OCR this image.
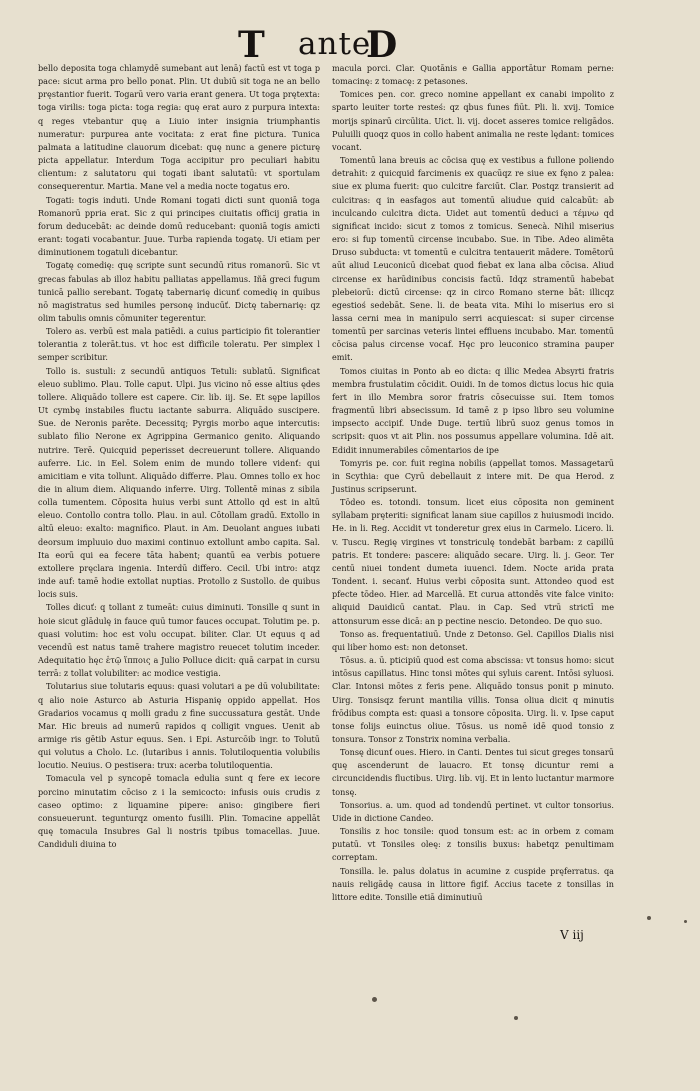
T ante
D

bello deposita toga chlamydē sumebant aut lenā) factū est vt toga p pace: sicut arma pro bello ponat. Plin. Ut dubiū sit toga ne an bello pręstantior fuerit. Togarū vero varia erant genera. Ut toga prętexta: toga virilis: toga picta: toga regia: quę erat auro z purpura intexta: q reges vtebantur quę a Liuio inter insignia triumphantis numeratur: purpurea ante vocitata: z erat fine pictura. Tunica palmata a latitudine clauorum dicebat: quę nunc a genere picturę picta appellatur. Interdum Toga accipitur pro peculiari habitu clientum: z salutatoru qui togati ibant salutatū: vt sportulam consequerentur. Martia. Mane vel a media nocte togatus ero.

Togati: togis induti. Unde Romani togati dicti sunt quoniā toga Romanorū ppria erat. Sic z qui principes ciuitatis officij gratia in forum deducebāt: ac deinde domū reducebant: quoniā togis amicti erant: togati vocabantur. Juue. Turba rapienda togatę. Ui etiam per diminutionem togatuli dicebantur.

Togatę comedię: quę scripte sunt secundū ritus romanorū. Sic vt grecas fabulas ab illoz habitu palliatas appellamus. Iñā greci fugum tunicā pallio serebant. Togatę tabernarię dicunť comedię in quibus nō magistratus sed humiles personę inducūť. Dictę tabernarię: qz olim tabulis omnis cōmuniter tegerentur.

Tolero as. verbū est mala patiēdi. a cuius participio fit tolerantier tolerantia z tolerāt.tus. vt hoc est difficile toleratu. Per simplex l semper scribitur.

Tollo is. sustuli: z secundū antiquos Tetuli: sublatū. Significat eleuo sublimo. Plau. Tolle caput. Ulpi. Jus vicino nō esse altius ędes tollere. Aliquādo tollere est capere. Cir. lib. iij. Se. Et sępe lapillos Ut cymbę instabiles fluctu iactante saburra. Aliquādo suscipere. Sue. de Neronis parēte. Decessitq; Pyrgis morbo aque intercutis: sublato filio Nerone ex Agrippina Germanico genito. Aliquando nutrire. Terē. Quicquid peperisset decreuerunt tollere. Aliquando auferre. Lic. in Eel. Solem enim de mundo tollere videnť: qui amicitiam e vita tollunt. Aliquādo differre. Plau. Omnes tollo ex hoc die in alium diem. Aliquando inferre. Uirg. Tollentē minas z sibila colla tumentem. Cōposita huius verbi sunt Attollo qd est in altū eleuo. Contollo contra tollo. Plau. in aul. Cōtollam gradū. Extollo in altū eleuo: exalto: magnifico. Plaut. in Am. Deuolant angues iubati deorsum impluuio duo maximi continuo extollunt ambo capita. Sal. Ita eorū qui ea fecere tāta habent; quantū ea verbis potuere extollere pręclara ingenia. Interdū differo. Cecil. Ubi intro: atqz inde auf: tamē hodie extollat nuptias. Protollo z Sustollo. de quibus locis suis.

Tolles dicuť: q tollant z tumeāt: cuius diminuti. Tonsille q sunt in hoie sicut glādulę in fauce quū tumor fauces occupat. Tolutim pe. p. quasi volutim: hoc est volu occupat. biliter. Clar. Ut equus q ad vecendū est natus tamē trahere magistro reuecet tolutim inceder. Adequitatio hęc ἑτῷ ἵπποις a Julio Polluce dicit: quā carpat in cursu terrā: z tollat volubiliter: ac modice vestigia.

Tolutarius siue tolutaris equus: quasi volutari a pe dū volubilitate: q alio noie Asturco ab Asturia Hispanię oppido appellat. Hos Gradarios vocamus q molli gradu z fine succussatura gestāt. Unde Mar. Hic breuis ad numerū rapidos q colligit vngues. Uenit ab armige ris gētib Astur equus. Sen. i Epi. Asturcōib ingr. to Tolutū qui volutus a Cholo. Lc. (lutaribus i annis. Tolutiloquentia volubilis locutio. Neuius. O pestisera: trux: acerba tolutiloquentia.

Tomacula vel p syncopē tomacla edulia sunt q fere ex iecore porcino minutatim cōciso z i la semicocto: infusis ouis crudis z caseo optimo: z liquamine pipere: aniso: gingibere fieri consueuerunt. tegunturqz omento fusilli. Plin. Tomacine appellāt quę tomacula Insubres Gal li nostris tpibus tomacellas. Juue. Candiduli diuina to

macula porci. Clar. Quotānis e Gallia apportātur Romam perne: tomacinę: z tomacę: z petasones.

Tomices pen. cor. greco nomine appellant ex canabi impolito z sparto leuiter torte resteś: qz qbus funes fiūt. Pli. li. xvij. Tomice morijs spinarū circūlita. Uict. li. vij. docet asseres tomice religādos. Puluilli quoqz quos in collo habent animalia ne reste lędant: tomices vocant.

Tomentū lana breuis ac cōcisa quę ex vestibus a fullone poliendo detrahit: z quicquid farcimenis ex quacūqz re siue ex fęno z palea: siue ex pluma fuerit: quo culcitre farciūt. Clar. Postqz transierit ad culcitras: q in easfagos aut tomentū aliudue quid calcabūt: ab inculcando culcitra dicta. Uidet aut tomentū deduci a τέμνω qd significat incido: sicut z tomos z tomicus. Senecà. Nihil miserius ero: si fup tomentū circense incubabo. Sue. in Tibe. Adeo alimēta Druso subducta: vt tomentū e culcitra tentauerit mādere. Tomētorū aūt aliud Leuconicū dicebat quod fiebat ex lana alba cōcisa. Aliud circense ex harūdinibus concisis factū. Idqz stramentū habebat plebeiorū: dictū circense: qz in circo Romano sterne bāt: illicqz egestioś sedebāt. Sene. li. de beata vita. Mihi lo miserius ero si lassa cerni mea in manipulo serri acquiescat: si super circense tomentū per sarcinas veteris lintei effluens incubabo. Mar. tomentū cōcisa palus circense vocaf. Hęc pro leuconico stramina pauper emit.

Tomos ciuitas in Ponto ab eo dicta: q illic Medea Absyrti fratris membra frustulatim cōcidit. Ouidi. In de tomos dictus locus hic quia fert in illo Membra soror fratris cōsecuisse sui. Item tomos fragmentū libri absecissum. Id tamē z p ipso libro seu volumine impsecto accipif. Unde Duge. tertiū librū suoz genus tomos in scripsit: quos vt ait Plin. nos possumus appellare volumina. Idē ait. Edidit innumerabiles cōmentarios de ipe

Tomyris pe. cor. fuit regina nobilis (appellat tomos. Massagetarū in Scythia: que Cyrū debellauit z intere mit. De qua Herod. z Justinus scripserunt.

Tōdeo es. totondi. tonsum. licet eius cōposita non geminent syllabam pręteriti: significat lanam siue capillos z huiusmodi incido. He. in li. Reg. Accidit vt tonderetur grex eius in Carmelo. Licero. li. v. Tuscu. Regię virgines vt tonstriculę tondebāt barbam: z capillū patris. Et tondere: pascere: aliquādo secare. Uirg. li. j. Geor. Ter centū niuei tondent dumeta iuuenci. Idem. Nocte arida prata Tondent. i. secanť. Huius verbi cōposita sunt. Attondeo quod est pfecte tōdeo. Hier. ad Marcellā. Et curua attondēs vite falce vinito: aliquid Dauidicū cantat. Plau. in Cap. Sed vtrū strictī me attonsurum esse dicā: an p pectine nescio. Detondeo. De quo suo.

Tonso as. frequentatiuū. Unde z Detonso. Gel. Capillos Dialis nisi qui liber homo est: non detonset.

Tōsus. a. ū. pticipiū quod est coma abscissa: vt tonsus homo: sicut intōsus capillatus. Hinc tonsi mōtes qui syluis carent. Intōsi syluosi. Clar. Intonsi mōtes z feris pene. Aliquādo tonsus ponit p minuto. Uirg. Tonsisqz ferunt mantilia villis. Tonsa oliua dicit q minutis frōdibus compta est: quasi a tonsore cōposita. Uirg. li. v. Ipse caput tonse folijs euinctus oliue. Tōsus. us nomē idē quod tonsio z tonsura. Tonsor z Tonstrix nomina verbalia.

Tonsę dicunť oues. Hiero. in Canti. Dentes tui sicut greges tonsarū quę ascenderunt de lauacro. Et tonsę dicuntur remi a circuncidendis fluctibus. Uirg. lib. vij. Et in lento luctantur marmore tonsę.

Tonsorius. a. um. quod ad tondendū pertinet. vt cultor tonsorius. Uide in dictione Candeo.

Tonsilis z hoc tonsile: quod tonsum est: ac in orbem z comam putatū. vt Tonsiles oleę: z tonsilis buxus: habetqz penultimam correptam.

Tonsilla. le. palus dolatus in acumine z cuspide pręferratus. qa nauis religādę causa in littore figif. Accius tacete z tonsillas in littore edite. Tonsille etiā diminutiuū

V iij
